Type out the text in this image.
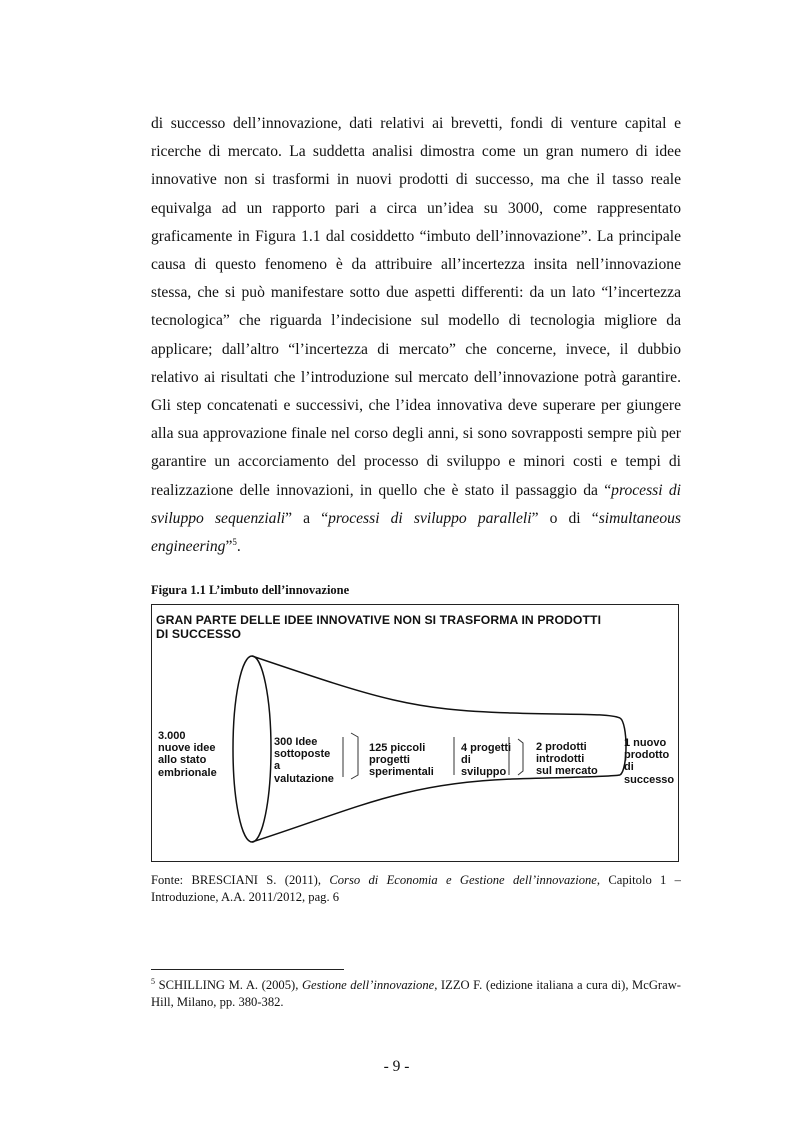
di successo dell’innovazione, dati relativi ai brevetti, fondi di venture capital e ricerche di mercato. La suddetta analisi dimostra come un gran numero di idee innovative non si trasformi in nuovi prodotti di successo, ma che il tasso reale equivalga ad un rapporto pari a circa un’idea su 3000, come rappresentato graficamente in Figura 1.1 dal cosiddetto “imbuto dell’innovazione”. La principale causa di questo fenomeno è da attribuire all’incertezza insita nell’innovazione stessa, che si può manifestare sotto due aspetti differenti: da un lato “l’incertezza tecnologica” che riguarda l’indecisione sul modello di tecnologia migliore da applicare; dall’altro “l’incertezza di mercato” che concerne, invece, il dubbio relativo ai risultati che l’introduzione sul mercato dell’innovazione potrà garantire. Gli step concatenati e successivi, che l’idea innovativa deve superare per giungere alla sua approvazione finale nel corso degli anni, si sono sovrapposti sempre più per garantire un accorciamento del processo di sviluppo e minori costi e tempi di realizzazione delle innovazioni, in quello che è stato il passaggio da “processi di sviluppo sequenziali” a “processi di sviluppo paralleli” o di “simultaneous engineering”$^5$.

Figura 1.1 L’imbuto dell’innovazione
GRAN PARTE DELLE IDEE INNOVATIVE NON SI TRASFORMA IN PRODOTTI
DI SUCCESSO
3.000
nuove idee
allo stato
embrionale
300 Idee
sottoposte
a
valutazione
125 piccoli
progetti
sperimentali
4 progetti
di
sviluppo
2 prodotti
introdotti
sul mercato
1 nuovo
prodotto
di
successo

Fonte: BRESCIANI S. (2011), Corso di Economia e Gestione dell’innovazione, Capitolo 1 – Introduzione, A.A. 2011/2012, pag. 6

$^5$ SCHILLING M. A. (2005), Gestione dell’innovazione, IZZO F. (edizione italiana a cura di), McGraw-Hill, Milano, pp. 380-382.

- 9 -
